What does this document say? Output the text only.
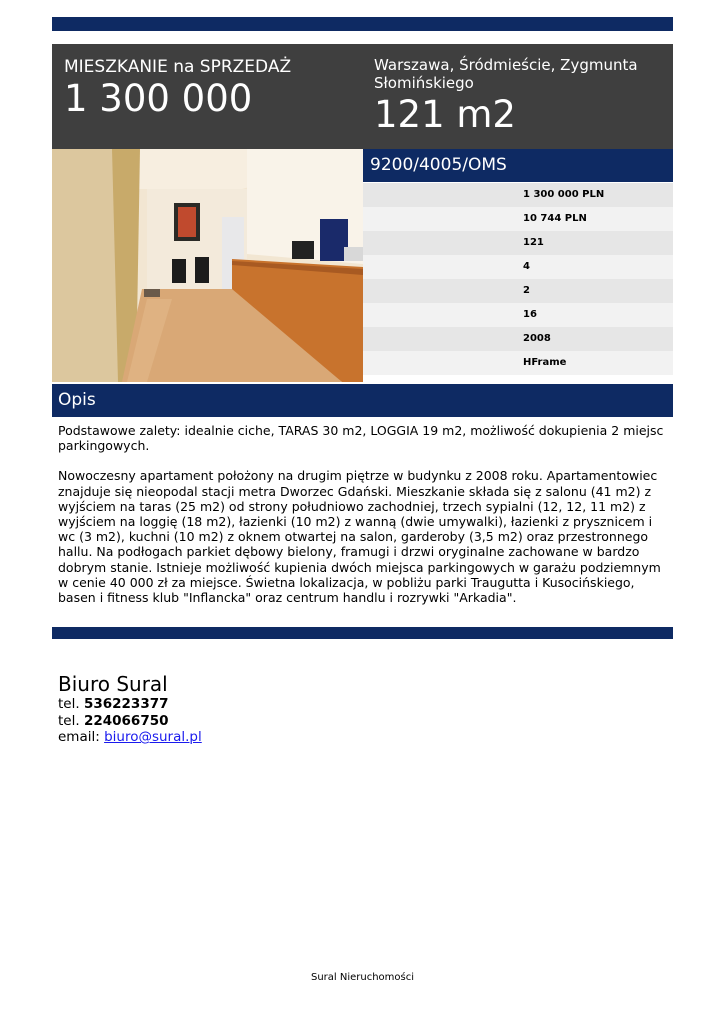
MIESZKANIE na SPRZEDAŻ
1 300 000
Warszawa, Śródmieście, Zygmunta Słomińskiego
121 m2
9200/4005/OMS
1 300 000 PLN
10 744 PLN
121
4
2
16
2008
HFrame
Opis

Podstawowe zalety: idealnie ciche, TARAS 30 m2, LOGGIA 19 m2, możliwość dokupienia 2 miejsc parkingowych.

Nowoczesny apartament położony na drugim piętrze w budynku z 2008 roku. Apartamentowiec znajduje się nieopodal stacji metra Dworzec Gdański. Mieszkanie składa się z salonu (41 m2) z wyjściem na taras (25 m2) od strony południowo zachodniej, trzech sypialni (12, 12, 11 m2) z wyjściem na loggię (18 m2), łazienki (10 m2) z wanną (dwie umywalki), łazienki z prysznicem i wc (3 m2), kuchni (10 m2) z oknem otwartej na salon, garderoby (3,5 m2) oraz przestronnego hallu. Na podłogach parkiet dębowy bielony, framugi i drzwi oryginalne zachowane w bardzo dobrym stanie. Istnieje możliwość kupienia dwóch miejsca parkingowych w garażu podziemnym w cenie 40 000 zł za miejsce. Świetna lokalizacja, w pobliżu parki Traugutta i Kusocińskiego, basen i fitness klub "Inflancka" oraz centrum handlu i rozrywki "Arkadia".

Biuro Sural
tel. 536223377
tel. 224066750
email: biuro@sural.pl
Sural Nieruchomości
